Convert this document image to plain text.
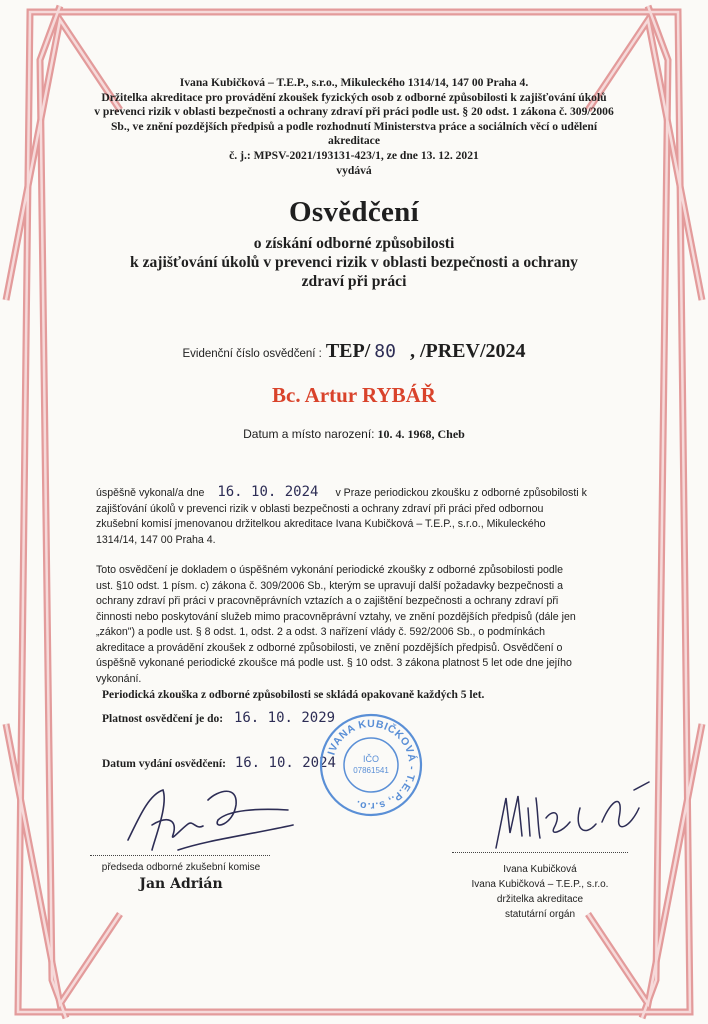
Ivana Kubičková – T.E.P., s.r.o., Mikuleckého 1314/14, 147 00 Praha 4.
Držitelka akreditace pro provádění zkoušek fyzických osob z odborné způsobilosti k zajišťování úkolů
v prevenci rizik v oblasti bezpečnosti a ochrany zdraví při práci podle ust. § 20 odst. 1 zákona č. 309/2006
Sb., ve znění pozdějších předpisů a podle rozhodnutí Ministerstva práce a sociálních věcí o udělení
akreditace
č. j.: MPSV-2021/193131-423/1, ze dne 13. 12. 2021
vydává
Osvědčení
o získání odborné způsobilosti
k zajišťování úkolů v prevenci rizik v oblasti bezpečnosti a ochrany
zdraví při práci
Evidenční číslo osvědčení : TEP/ 80 , /PREV/2024
Bc. Artur RYBÁŘ
Datum a místo narození: 10. 4. 1968, Cheb
úspěšně vykonal/a dne 16. 10. 2024 v Praze periodickou zkoušku z odborné způsobilosti k
zajišťování úkolů v prevenci rizik v oblasti bezpečnosti a ochrany zdraví při práci před odbornou
zkušební komisí jmenovanou držitelkou akreditace Ivana Kubičková – T.E.P., s.r.o., Mikuleckého
1314/14, 147 00 Praha 4.
Toto osvědčení je dokladem o úspěšném vykonání periodické zkoušky z odborné způsobilosti podle
ust. §10 odst. 1 písm. c) zákona č. 309/2006 Sb., kterým se upravují další požadavky bezpečnosti a
ochrany zdraví při práci v pracovněprávních vztazích a o zajištění bezpečnosti a ochrany zdraví při
činnosti nebo poskytování služeb mimo pracovněprávní vztahy, ve znění pozdějších předpisů (dále jen
„zákon") a podle ust. § 8 odst. 1, odst. 2 a odst. 3 nařízení vlády č. 592/2006 Sb., o podmínkách
akreditace a provádění zkoušek z odborné způsobilosti, ve znění pozdějších předpisů. Osvědčení o
úspěšně vykonané periodické zkoušce má podle ust. § 10 odst. 3 zákona platnost 5 let ode dne jejího
vykonání.
Periodická zkouška z odborné způsobilosti se skládá opakovaně každých 5 let.
Platnost osvědčení je do: 16. 10. 2029
Datum vydání osvědčení: 16. 10. 2024
IVANA KUBIČKOVÁ - T.E.P., s.r.o.
IČO
07861541
předseda odborné zkušební komise
Jan Adrián
Ivana Kubičková
Ivana Kubičková – T.E.P., s.r.o.
držitelka akreditace
statutární orgán
